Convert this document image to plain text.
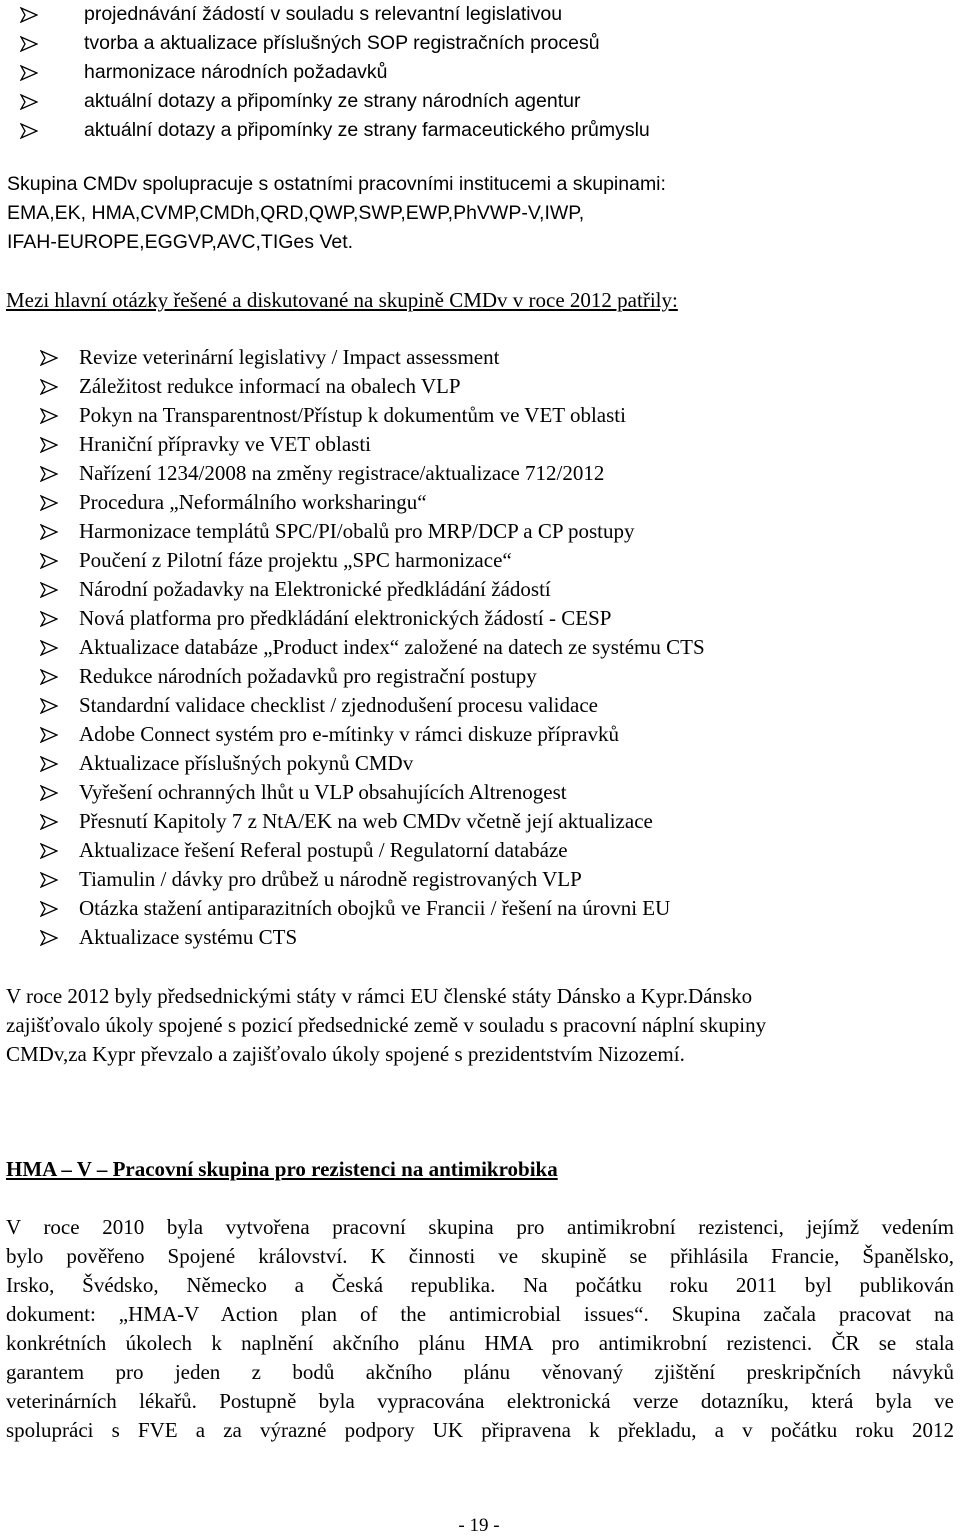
projednávání žádostí v souladu s relevantní legislativou
tvorba a aktualizace příslušných SOP registračních procesů
harmonizace národních požadavků
aktuální dotazy a připomínky ze strany národních agentur
aktuální dotazy a připomínky ze strany farmaceutického průmyslu
Skupina CMDv spolupracuje s ostatními pracovními institucemi a skupinami:
EMA,EK, HMA,CVMP,CMDh,QRD,QWP,SWP,EWP,PhVWP-V,IWP,
IFAH-EUROPE,EGGVP,AVC,TIGes Vet.
Mezi hlavní otázky řešené a diskutované na skupině CMDv v roce 2012 patřily:
Revize veterinární legislativy / Impact assessment
Záležitost redukce informací na obalech VLP
Pokyn na Transparentnost/Přístup k dokumentům ve VET oblasti
Hraniční přípravky ve VET oblasti
Nařízení 1234/2008 na změny registrace/aktualizace 712/2012
Procedura „Neformálního worksharingu“
Harmonizace templátů SPC/PI/obalů pro MRP/DCP a CP postupy
Poučení z Pilotní fáze projektu „SPC harmonizace“
Národní požadavky na Elektronické předkládání žádostí
Nová platforma pro předkládání elektronických žádostí - CESP
Aktualizace databáze „Product index“ založené na datech ze systému CTS
Redukce národních požadavků pro registrační postupy
Standardní validace checklist / zjednodušení procesu validace
Adobe Connect systém pro e-mítinky v rámci diskuze přípravků
Aktualizace příslušných pokynů CMDv
Vyřešení ochranných lhůt u VLP obsahujících Altrenogest
Přesnutí Kapitoly 7 z NtA/EK na web CMDv včetně její aktualizace
Aktualizace řešení Referal postupů / Regulatorní databáze
Tiamulin / dávky pro drůbež u národně registrovaných VLP
Otázka stažení antiparazitních obojků ve Francii / řešení na úrovni EU
Aktualizace systému CTS
V roce 2012 byly předsednickými státy v rámci EU členské státy Dánsko a Kypr.Dánsko
zajišťovalo úkoly spojené s pozicí předsednické země v souladu s pracovní náplní skupiny
CMDv,za Kypr převzalo a zajišťovalo úkoly spojené s prezidentstvím Nizozemí.
HMA – V – Pracovní skupina pro rezistenci na antimikrobika
V roce 2010 byla vytvořena pracovní skupina pro antimikrobní rezistenci, jejímž vedením
bylo pověřeno Spojené království. K činnosti ve skupině se přihlásila Francie, Španělsko,
Irsko, Švédsko, Německo a Česká republika. Na počátku roku 2011 byl publikován
dokument: „HMA-V Action plan of the antimicrobial issues“. Skupina začala pracovat na
konkrétních úkolech k naplnění akčního plánu HMA pro antimikrobní rezistenci. ČR se stala
garantem pro jeden z bodů akčního plánu věnovaný zjištění preskripčních návyků
veterinárních lékařů. Postupně byla vypracována elektronická verze dotazníku, která byla ve
spolupráci s FVE a za výrazné podpory UK připravena k překladu, a v počátku roku 2012
- 19 -
